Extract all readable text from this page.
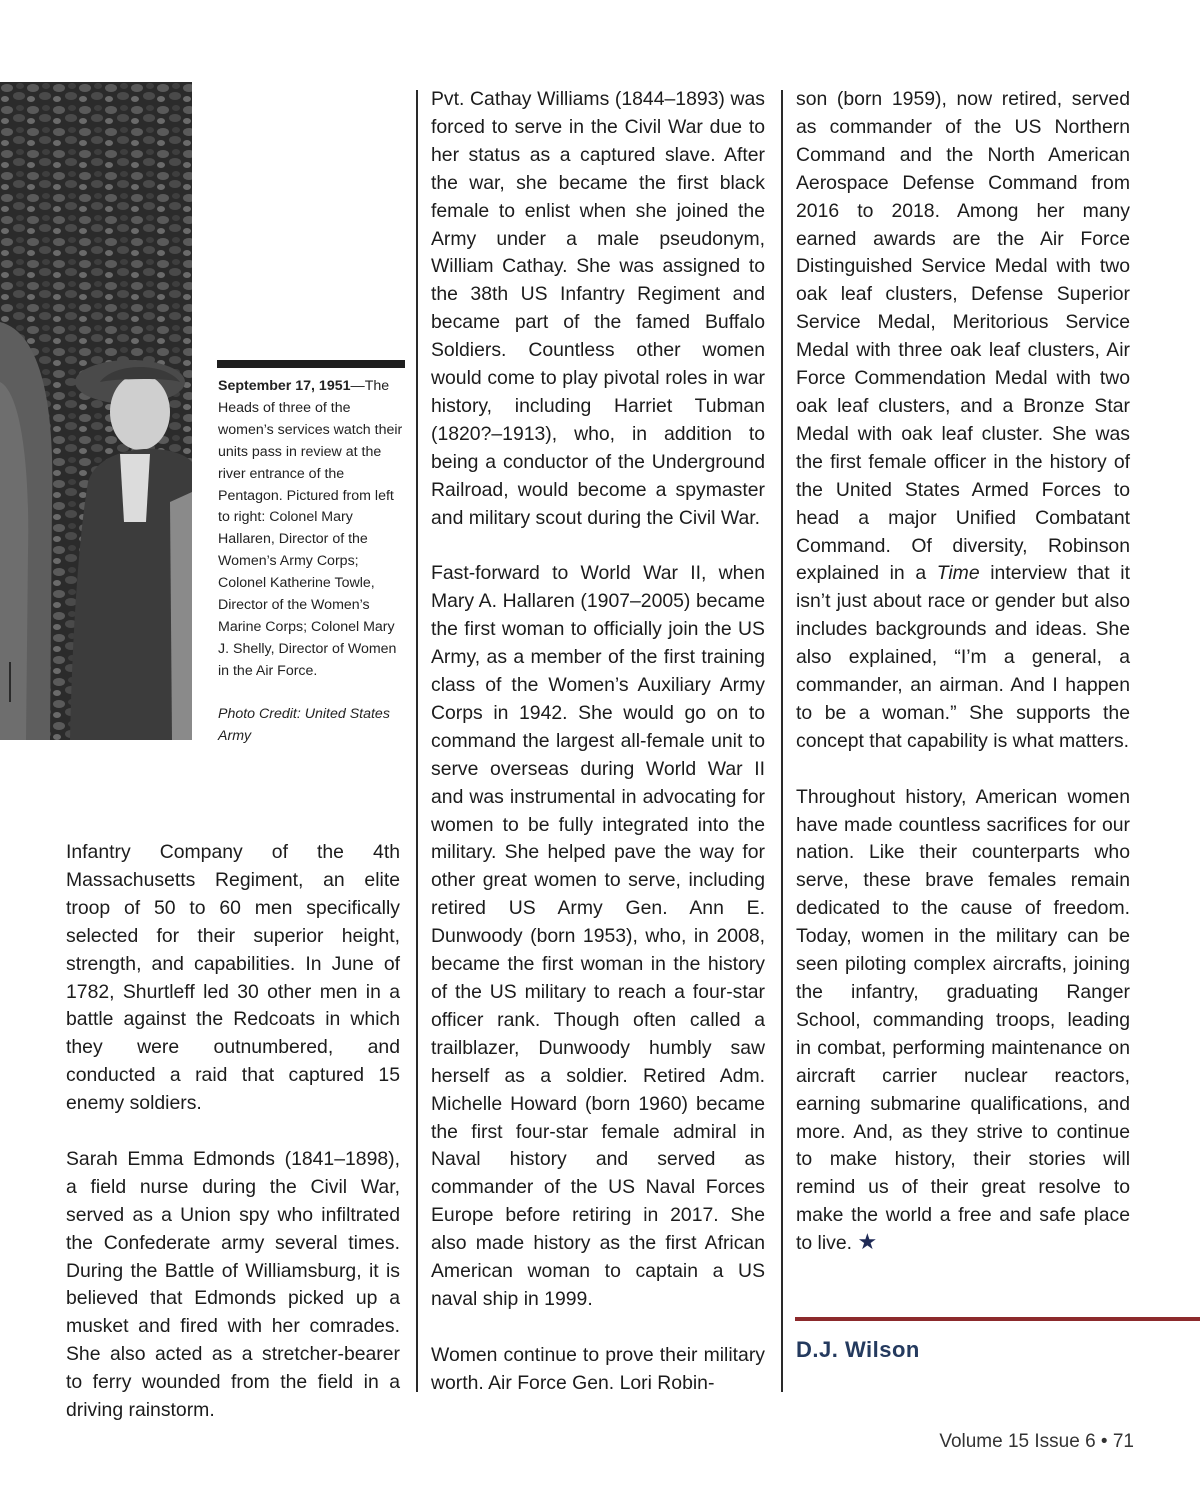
September 17, 1951—The Heads of three of the women’s services watch their units pass in review at the river entrance of the Pentagon. Pictured from left to right: Colonel Mary Hallaren, Director of the Women’s Army Corps; Colonel Katherine Towle, Director of the Women’s Marine Corps; Colonel Mary J. Shelly, Director of Women in the Air Force.
Photo Credit: United States Army

Infantry Company of the 4th Massachusetts Regiment, an elite troop of 50 to 60 men specifically selected for their superior height, strength, and capabilities. In June of 1782, Shurtleff led 30 other men in a battle against the Redcoats in which they were outnumbered, and conducted a raid that captured 15 enemy soldiers.

Sarah Emma Edmonds (1841–1898), a field nurse during the Civil War, served as a Union spy who infiltrated the Confederate army several times. During the Battle of Williamsburg, it is believed that Edmonds picked up a musket and fired with her comrades. She also acted as a stretcher-bearer to ferry wounded from the field in a driving rainstorm.

Pvt. Cathay Williams (1844–1893) was forced to serve in the Civil War due to her status as a captured slave. After the war, she became the first black female to enlist when she joined the Army under a male pseudonym, William Cathay. She was assigned to the 38th US Infantry Regiment and became part of the famed Buffalo Soldiers. Countless other women would come to play pivotal roles in war history, including Harriet Tubman (1820?–1913), who, in addition to being a conductor of the Underground Railroad, would become a spymaster and military scout during the Civil War.

Fast-forward to World War II, when Mary A. Hallaren (1907–2005) became the first woman to officially join the US Army, as a member of the first training class of the Women’s Auxiliary Army Corps in 1942. She would go on to command the largest all-female unit to serve overseas during World War II and was instrumental in advocating for women to be fully integrated into the military. She helped pave the way for other great women to serve, including retired US Army Gen. Ann E. Dunwoody (born 1953), who, in 2008, became the first woman in the history of the US military to reach a four-star officer rank. Though often called a trailblazer, Dunwoody humbly saw herself as a soldier. Retired Adm. Michelle Howard (born 1960) became the first four-star female admiral in Naval history and served as commander of the US Naval Forces Europe before retiring in 2017. She also made history as the first African American woman to captain a US naval ship in 1999.

Women continue to prove their military worth. Air Force Gen. Lori Robin-

son (born 1959), now retired, served as commander of the US Northern Command and the North American Aerospace Defense Command from 2016 to 2018. Among her many earned awards are the Air Force Distinguished Service Medal with two oak leaf clusters, Defense Superior Service Medal, Meritorious Service Medal with three oak leaf clusters, Air Force Commendation Medal with two oak leaf clusters, and a Bronze Star Medal with oak leaf cluster. She was the first female officer in the history of the United States Armed Forces to head a major Unified Combatant Command. Of diversity, Robinson explained in a Time interview that it isn’t just about race or gender but also includes backgrounds and ideas. She also explained, “I’m a general, a commander, an airman. And I happen to be a woman.” She supports the concept that capability is what matters.

Throughout history, American women have made countless sacrifices for our nation. Like their counterparts who serve, these brave females remain dedicated to the cause of freedom. Today, women in the military can be seen piloting complex aircrafts, joining the infantry, graduating Ranger School, commanding troops, leading in combat, performing maintenance on aircraft carrier nuclear reactors, earning submarine qualifications, and more. And, as they strive to continue to make history, their stories will remind us of their great resolve to make the world a free and safe place to live. ★

D.J. Wilson
Volume 15 Issue 6 • 71
